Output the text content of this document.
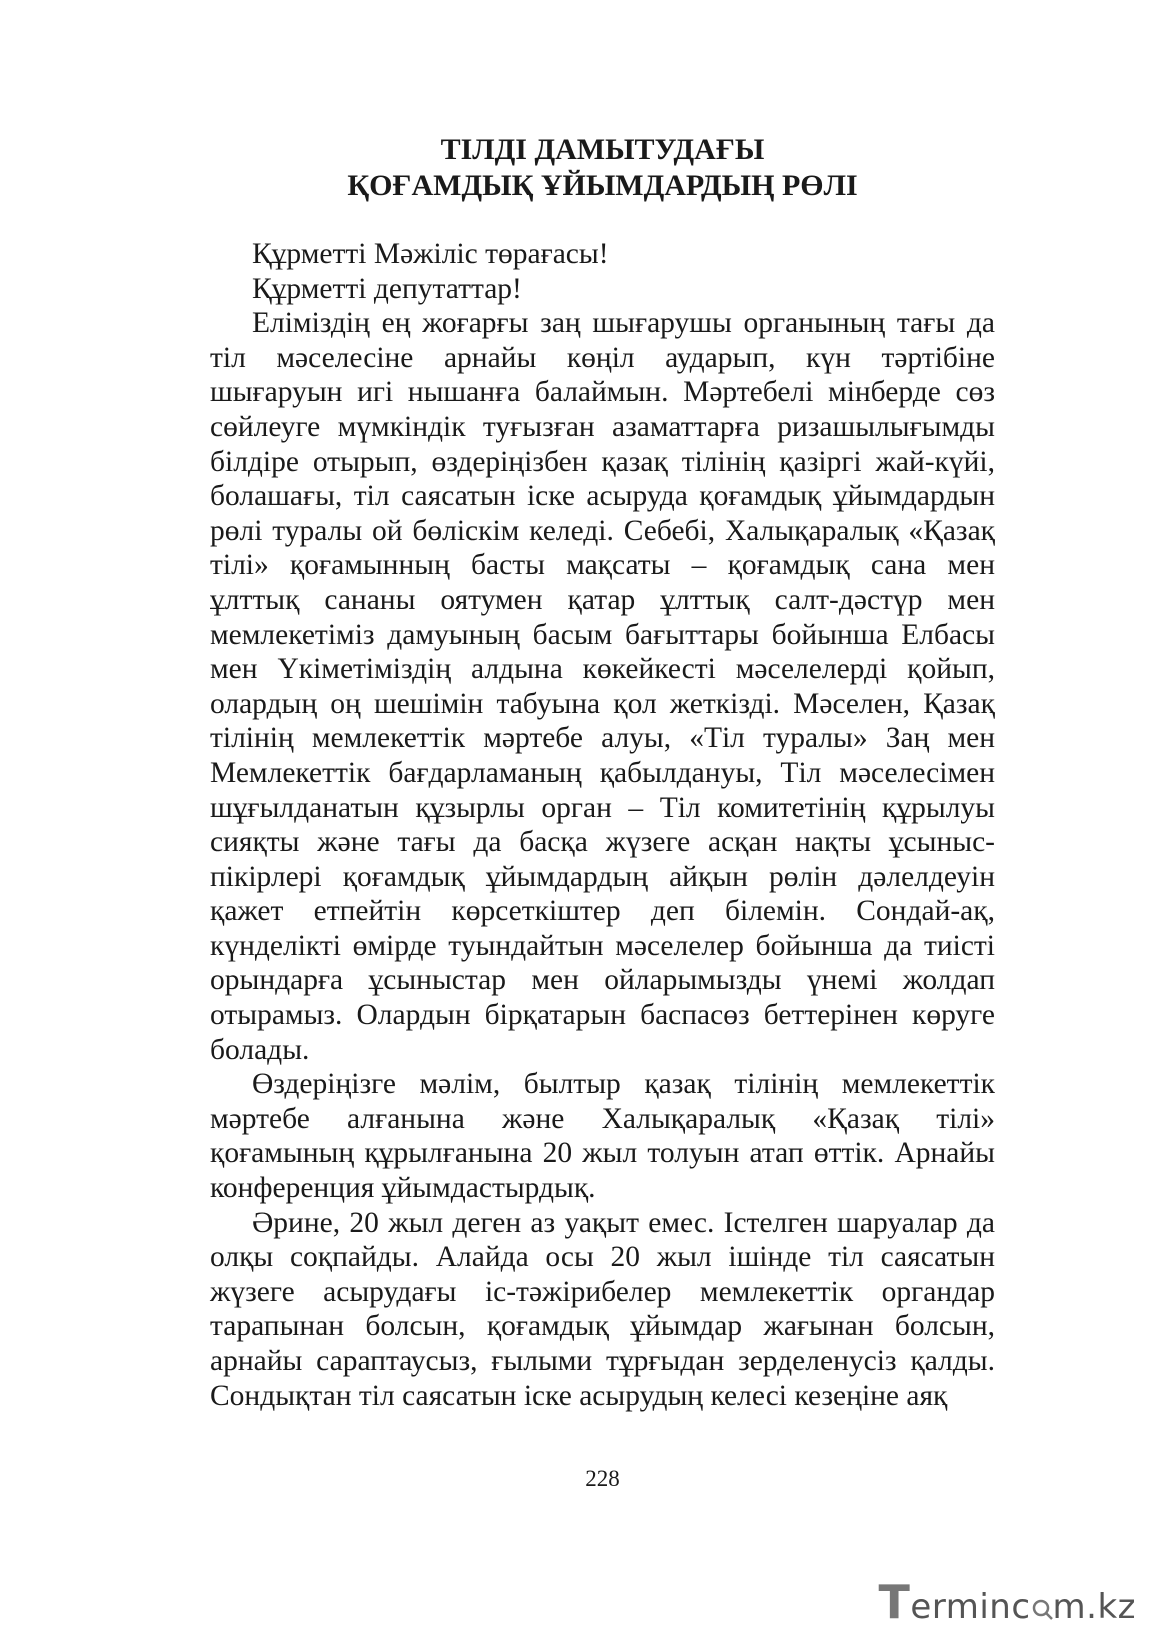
ТІЛДІ ДАМЫТУДАҒЫ
ҚОҒАМДЫҚ ҰЙЫМДАРДЫҢ РӨЛІ

Құрметті Мәжіліс төрағасы!

Құрметті депутаттар!

Еліміздің ең жоғарғы заң шығарушы органының тағы да тіл мәселесіне арнайы көңіл аударып, күн тәртібіне шығаруын игі нышанға балаймын. Мәртебелі мінберде сөз сөйлеуге мүмкіндік туғызған азаматтарға ризашылығымды білдіре отырып, өздеріңізбен қазақ тілінің қазіргі жай-күйі, болашағы, тіл саясатын іске асыруда қоғамдық ұйымдардын рөлі туралы ой бөлiскiм келеді. Себебі, Халықаралық «Қазақ тілі» қоғамынның басты мақсаты – қоғамдық сана мен ұлттық сананы оятумен қатар ұлттық салт-дәстүр мен мемлекетіміз дамуының басым бағыттары бойынша Елбасы мен Үкіметіміздің алдына көкейкесті мәселелерді қойып, олардың оң шешімін табуына қол жеткізді. Мәселен, Қазақ тілінің мемлекеттік мәртебе алуы, «Тіл туралы» Заң мен Мемлекеттік бағдарламаның қабылдануы, Тіл мәселесімен шұғылданатын құзырлы орган – Тіл комитетінің құрылуы сияқты және тағы да басқа жүзеге асқан нақты ұсыныс-пікірлері қоғамдық ұйымдардың айқын рөлін дәлелдеуін қажет етпейтін көрсеткіштер деп білемін. Сондай-ақ, күнделікті өмірде туындайтын мәселелер бойынша да тиісті орындарға ұсыныстар мен ойларымызды үнемі жолдап отырамыз. Олардын бірқатарын баспасөз беттерінен көруге болады.

Өздеріңізге мәлім, былтыр қазақ тілінің мемлекеттік мәртебе алғанына және Халықаралық «Қазақ тілі» қоғамының құрылғанына 20 жыл толуын атап өттік. Арнайы конференция ұйымдастырдық.

Әрине, 20 жыл деген аз уақыт емес. Істелген шаруалар да олқы соқпайды. Алайда осы 20 жыл ішінде тіл саясатын жүзеге асырудағы іс-тәжірибелер мемлекеттік органдар тарапынан болсын, қоғамдық ұйымдар жағынан болсын, арнайы сараптаусыз, ғылыми тұрғыдан зерделенусіз қалды. Сондықтан тіл саясатын іске асырудың келесі кезеңіне аяқ

228
Terminc m.kz
